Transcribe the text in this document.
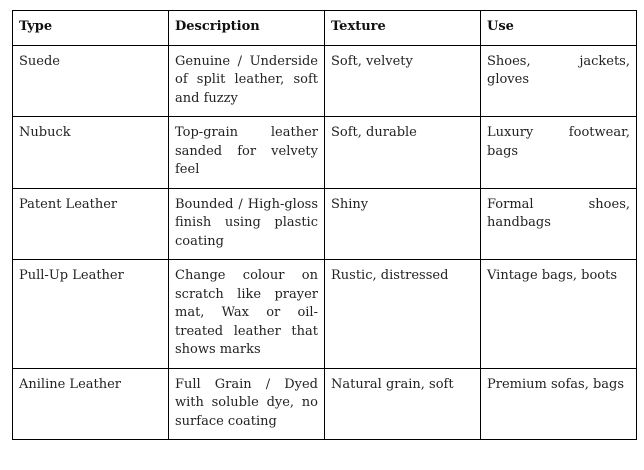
Type	Description	Texture	Use
Suede	Genuine / Underside of split leather, soft and fuzzy	Soft, velvety	Shoes, jackets, gloves
Nubuck	Top-grain leather sanded for velvety feel	Soft, durable	Luxury footwear, bags
Patent Leather	Bounded / High-gloss finish using plastic coating	Shiny	Formal shoes, handbags
Pull-Up Leather	Change colour on scratch like prayer mat, Wax or oil-treated leather that shows marks	Rustic, distressed	Vintage bags, boots
Aniline Leather	Full Grain / Dyed with soluble dye, no surface coating	Natural grain, soft	Premium sofas, bags
